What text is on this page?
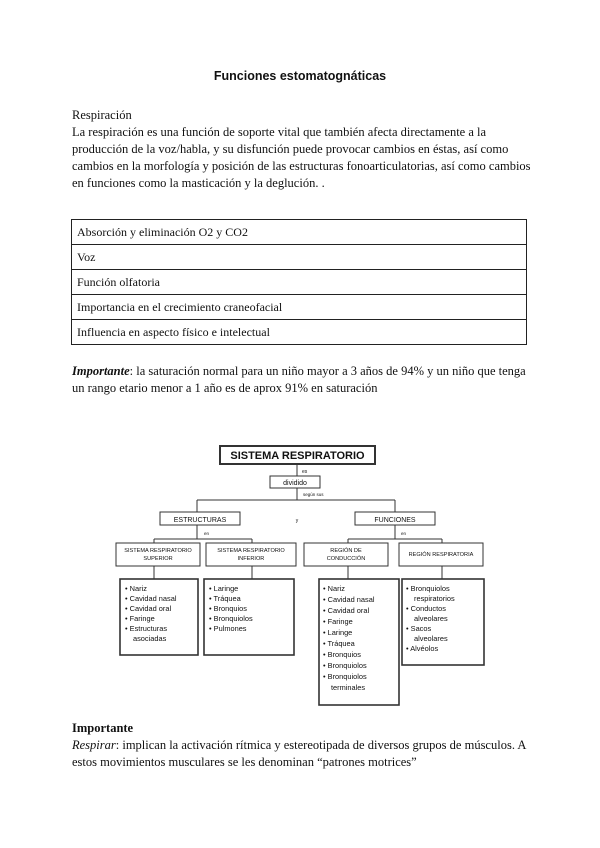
Funciones estomatognáticas
Respiración
La respiración es una función de soporte vital que también afecta directamente a la producción de la voz/habla, y su disfunción puede provocar cambios en éstas, así como cambios en la morfología y posición de las estructuras fonoarticulatorias, así como cambios en funciones como la masticación y la deglución. .
Absorción y eliminación O2 y CO2
Voz
Función olfatoria
Importancia en el crecimiento craneofacial
Influencia en aspecto físico e intelectual
Importante: la saturación normal para un niño mayor a 3 años de 94% y un niño que tenga un rango etario menor a 1 año es de aprox 91% en saturación
SISTEMA RESPIRATORIO
es
dividido
según sus
ESTRUCTURAS	y	FUNCIONES
en	en
SISTEMA RESPIRATORIO
SUPERIOR
SISTEMA RESPIRATORIO
INFERIOR
REGIÓN DE
CONDUCCIÓN
REGIÓN RESPIRATORIA
• Nariz
• Cavidad nasal
• Cavidad oral
• Faringe
• Estructuras
asociadas
• Laringe
• Tráquea
• Bronquios
• Bronquiolos
• Pulmones
• Nariz
• Cavidad nasal
• Cavidad oral
• Faringe
• Laringe
• Tráquea
• Bronquios
• Bronquiolos
• Bronquiolos
terminales
• Bronquiolos
respiratorios
• Conductos
alveolares
• Sacos
alveolares
• Alvéolos
Importante
Respirar: implican la activación rítmica y estereotipada de diversos grupos de músculos. A estos movimientos musculares se les denominan “patrones motrices”
